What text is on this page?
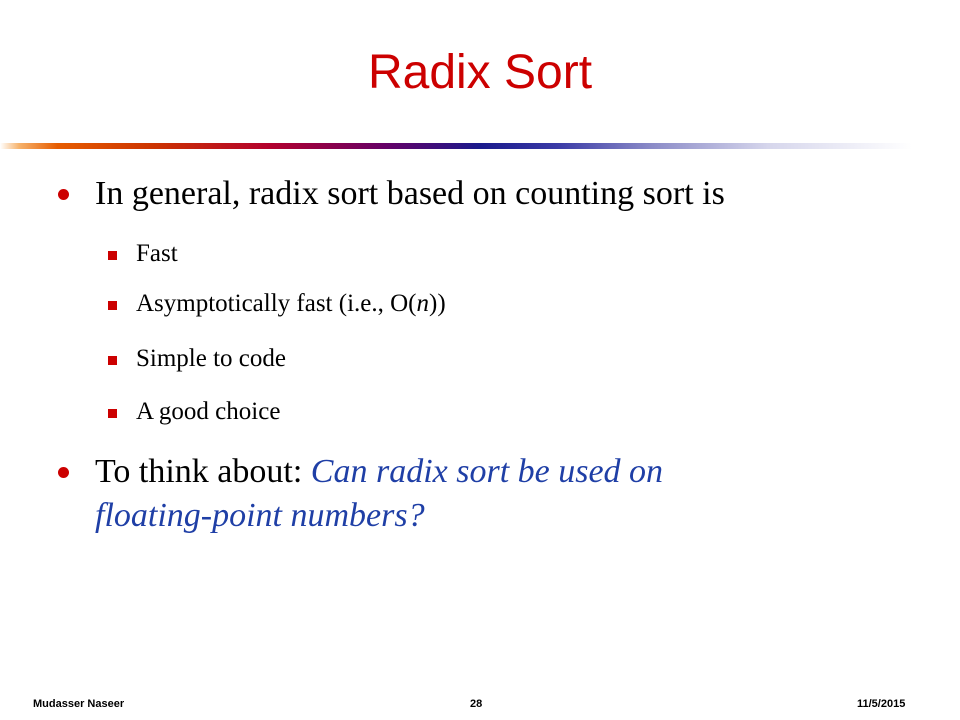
Radix Sort
In general, radix sort based on counting sort is
Fast
Asymptotically fast (i.e., O(n))
Simple to code
A good choice
To think about: Can radix sort be used on
floating-point numbers?
Mudasser Naseer	28	11/5/2015
